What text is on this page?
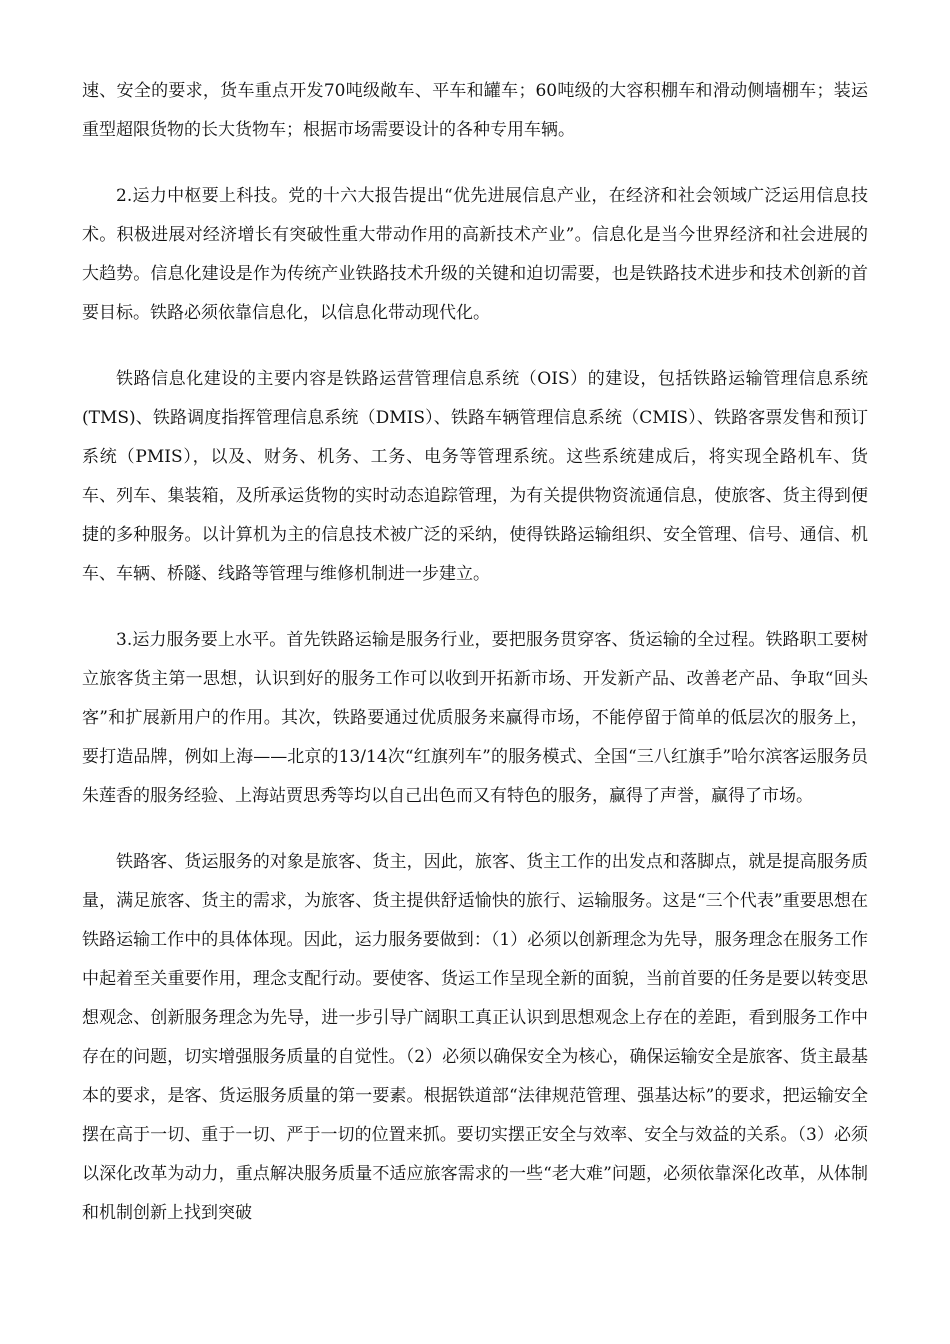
速、安全的要求，货车重点开发70吨级敞车、平车和罐车；60吨级的大容积棚车和滑动侧墙棚车；装运重型超限货物的长大货物车；根据市场需要设计的各种专用车辆。

2.运力中枢要上科技。党的十六大报告提出“优先进展信息产业，在经济和社会领域广泛运用信息技术。积极进展对经济增长有突破性重大带动作用的高新技术产业”。信息化是当今世界经济和社会进展的大趋势。信息化建设是作为传统产业铁路技术升级的关键和迫切需要，也是铁路技术进步和技术创新的首要目标。铁路必须依靠信息化，以信息化带动现代化。

铁路信息化建设的主要内容是铁路运营管理信息系统（OIS）的建设，包括铁路运输管理信息系统(TMS)、铁路调度指挥管理信息系统（DMIS）、铁路车辆管理信息系统（CMIS）、铁路客票发售和预订系统（PMIS），以及、财务、机务、工务、电务等管理系统。这些系统建成后，将实现全路机车、货车、列车、集装箱，及所承运货物的实时动态追踪管理，为有关提供物资流通信息，使旅客、货主得到便捷的多种服务。以计算机为主的信息技术被广泛的采纳，使得铁路运输组织、安全管理、信号、通信、机车、车辆、桥隧、线路等管理与维修机制进一步建立。

3.运力服务要上水平。首先铁路运输是服务行业，要把服务贯穿客、货运输的全过程。铁路职工要树立旅客货主第一思想，认识到好的服务工作可以收到开拓新市场、开发新产品、改善老产品、争取“回头客”和扩展新用户的作用。其次，铁路要通过优质服务来赢得市场，不能停留于简单的低层次的服务上，要打造品牌，例如上海——北京的13/14次“红旗列车”的服务模式、全国“三八红旗手”哈尔滨客运服务员朱莲香的服务经验、上海站贾思秀等均以自己出色而又有特色的服务，赢得了声誉，赢得了市场。

铁路客、货运服务的对象是旅客、货主，因此，旅客、货主工作的出发点和落脚点，就是提高服务质量，满足旅客、货主的需求，为旅客、货主提供舒适愉快的旅行、运输服务。这是“三个代表”重要思想在铁路运输工作中的具体体现。因此，运力服务要做到：（1）必须以创新理念为先导，服务理念在服务工作中起着至关重要作用，理念支配行动。要使客、货运工作呈现全新的面貌，当前首要的任务是要以转变思想观念、创新服务理念为先导，进一步引导广阔职工真正认识到思想观念上存在的差距，看到服务工作中存在的问题，切实增强服务质量的自觉性。（2）必须以确保安全为核心，确保运输安全是旅客、货主最基本的要求，是客、货运服务质量的第一要素。根据铁道部“法律规范管理、强基达标”的要求，把运输安全摆在高于一切、重于一切、严于一切的位置来抓。要切实摆正安全与效率、安全与效益的关系。（3）必须以深化改革为动力，重点解决服务质量不适应旅客需求的一些“老大难”问题，必须依靠深化改革，从体制和机制创新上找到突破
